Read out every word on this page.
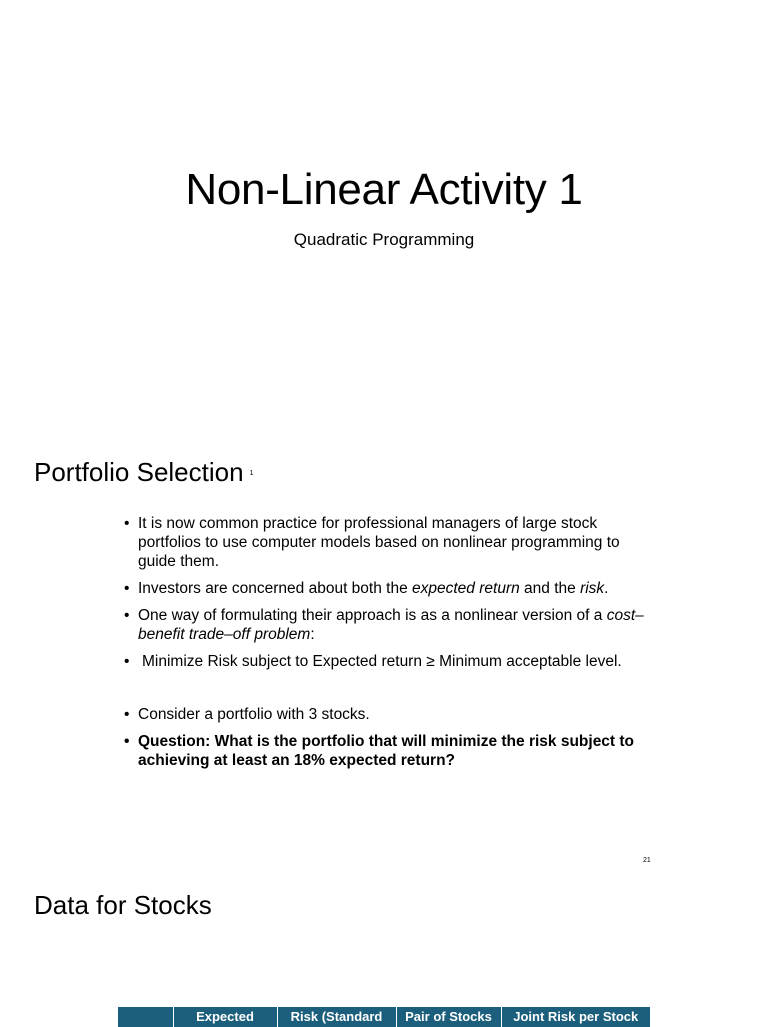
Non-Linear Activity 1
Quadratic Programming
Portfolio Selection 1
• It is now common practice for professional managers of large stock portfolios to use computer models based on nonlinear programming to guide them.
• Investors are concerned about both the expected return and the risk.
• One way of formulating their approach is as a nonlinear version of a cost–benefit trade–off problem:
• Minimize Risk subject to Expected return ≥ Minimum acceptable level.
• Consider a portfolio with 3 stocks.
• Question: What is the portfolio that will minimize the risk subject to achieving at least an 18% expected return?
21
Data for Stocks
	Expected	Risk (Standard	Pair of Stocks	Joint Risk per Stock
